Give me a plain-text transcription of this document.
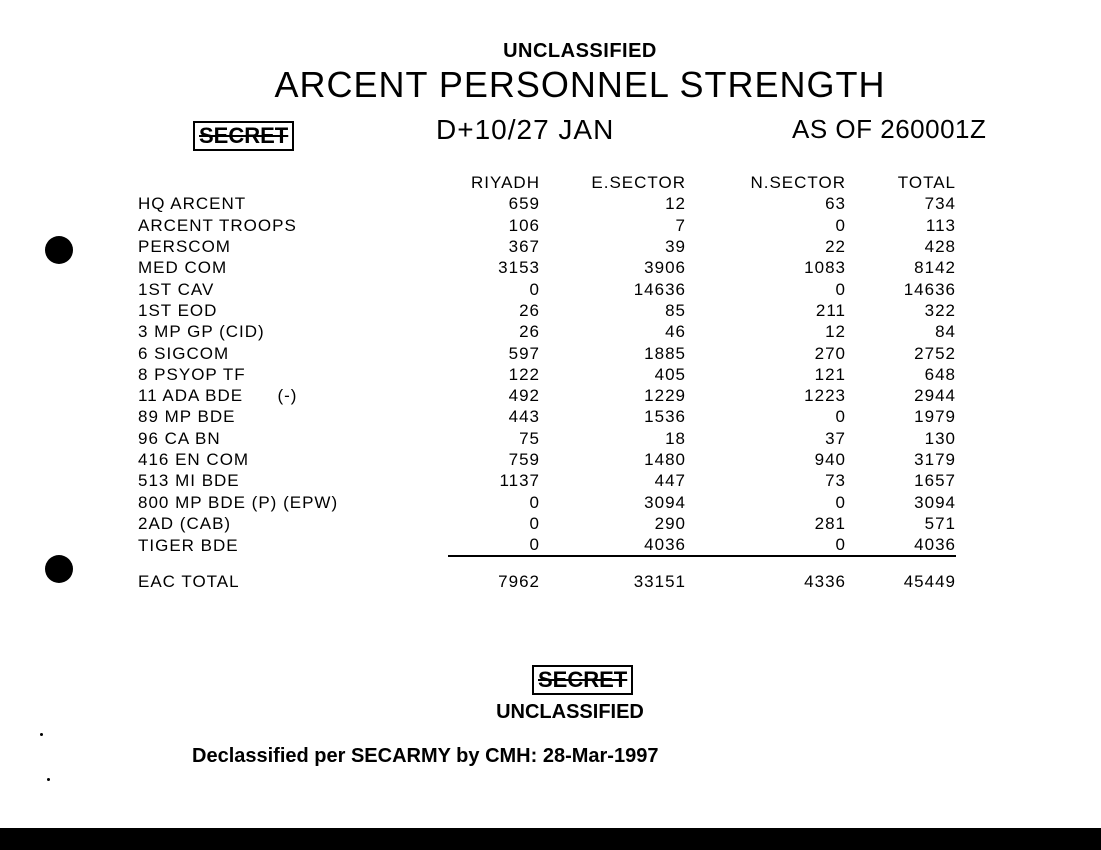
UNCLASSIFIED
ARCENT PERSONNEL STRENGTH
SECRET	D+10/27 JAN	AS OF 260001Z
	RIYADH	E.SECTOR	N.SECTOR	TOTAL
HQ ARCENT	659	12	63	734
ARCENT TROOPS	106	7	0	113
PERSCOM	367	39	22	428
MED COM	3153	3906	1083	8142
1ST CAV	0	14636	0	14636
1ST EOD	26	85	211	322
3 MP GP (CID)	26	46	12	84
6 SIGCOM	597	1885	270	2752
8 PSYOP TF	122	405	121	648
11 ADA BDE      (-)	492	1229	1223	2944
89 MP BDE	443	1536	0	1979
96 CA BN	75	18	37	130
416 EN COM	759	1480	940	3179
513 MI BDE	1137	447	73	1657
800 MP BDE (P) (EPW)	0	3094	0	3094
2AD (CAB)	0	290	281	571
TIGER BDE	0	4036	0	4036

EAC TOTAL	7962	33151	4336	45449
SECRET
UNCLASSIFIED
Declassified per SECARMY by CMH: 28-Mar-1997
